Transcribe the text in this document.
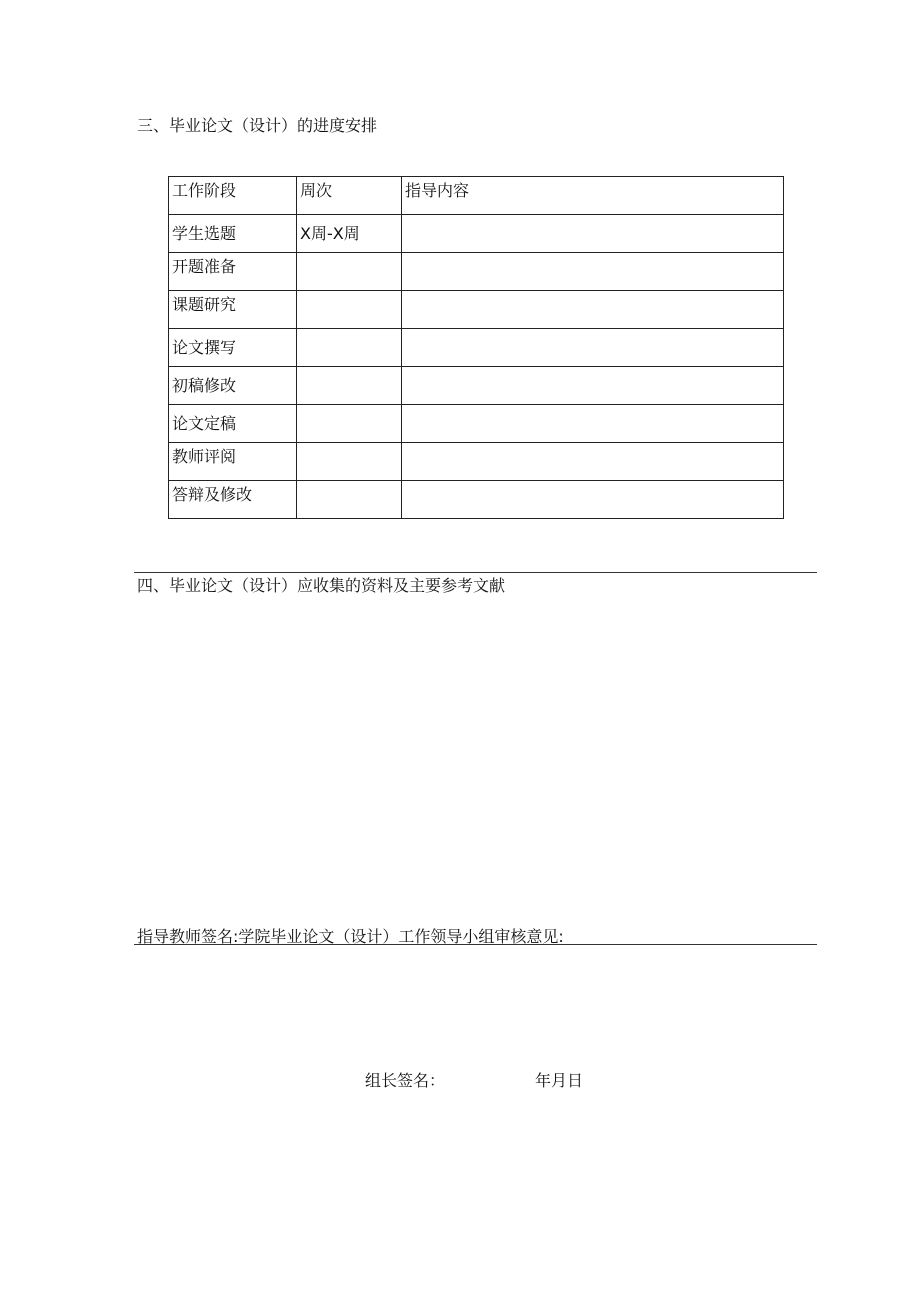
三、毕业论文（设计）的进度安排
工作阶段	周次	指导内容

学生选题	X周-X周	

开题准备		

课题研究		

论文撰写		

初稿修改		

论文定稿		

教师评阅		

答辩及修改		

四、毕业论文（设计）应收集的资料及主要参考文献
指导教师签名:学院毕业论文（设计）工作领导小组审核意见:
组长签名：	年月日
